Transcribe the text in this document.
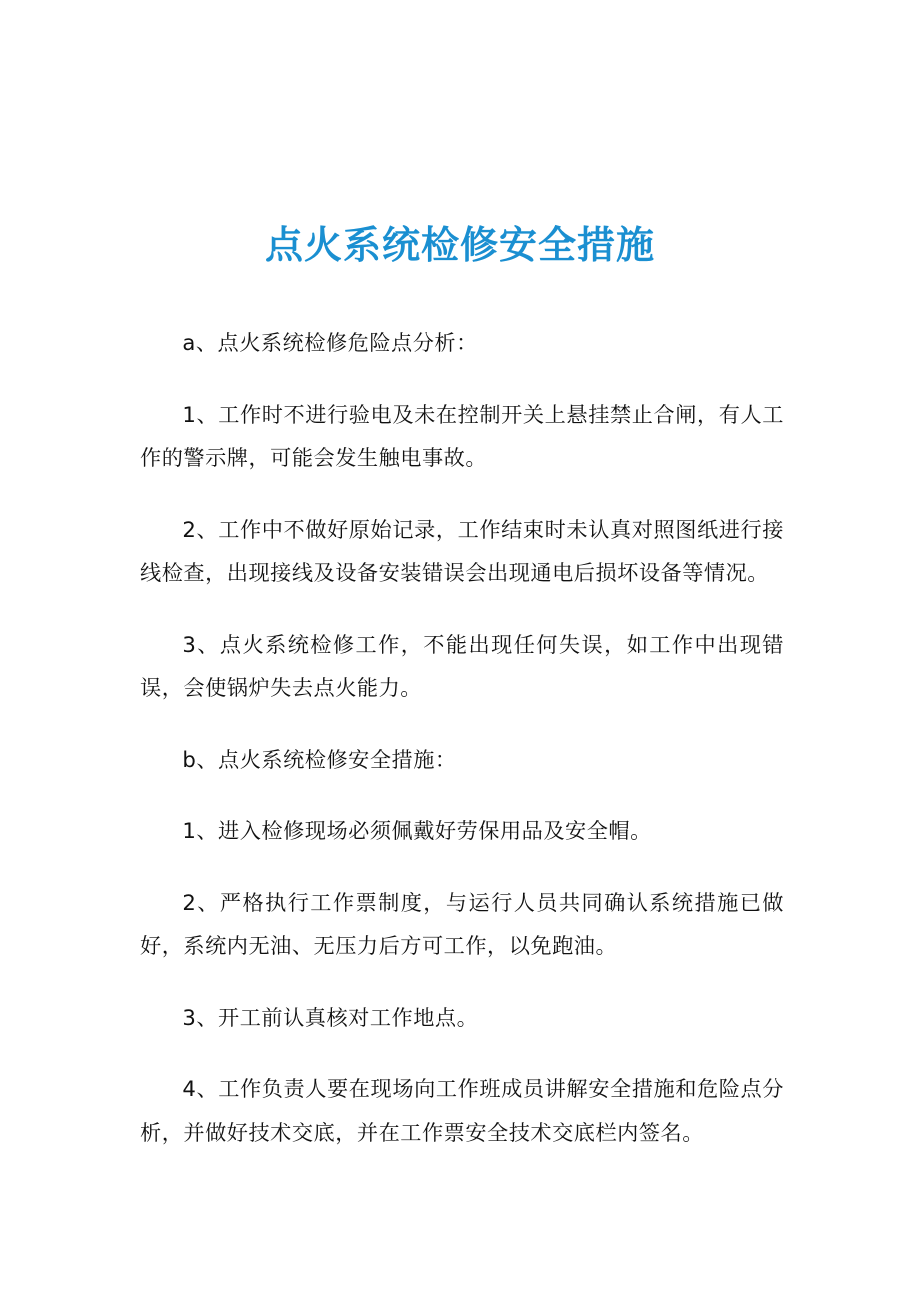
点火系统检修安全措施

a、点火系统检修危险点分析：

1、工作时不进行验电及未在控制开关上悬挂禁止合闸，有人工作的警示牌，可能会发生触电事故。

2、工作中不做好原始记录，工作结束时未认真对照图纸进行接线检查，出现接线及设备安装错误会出现通电后损坏设备等情况。

3、点火系统检修工作，不能出现任何失误，如工作中出现错误，会使锅炉失去点火能力。

b、点火系统检修安全措施：

1、进入检修现场必须佩戴好劳保用品及安全帽。

2、严格执行工作票制度，与运行人员共同确认系统措施已做好，系统内无油、无压力后方可工作，以免跑油。

3、开工前认真核对工作地点。

4、工作负责人要在现场向工作班成员讲解安全措施和危险点分析，并做好技术交底，并在工作票安全技术交底栏内签名。
